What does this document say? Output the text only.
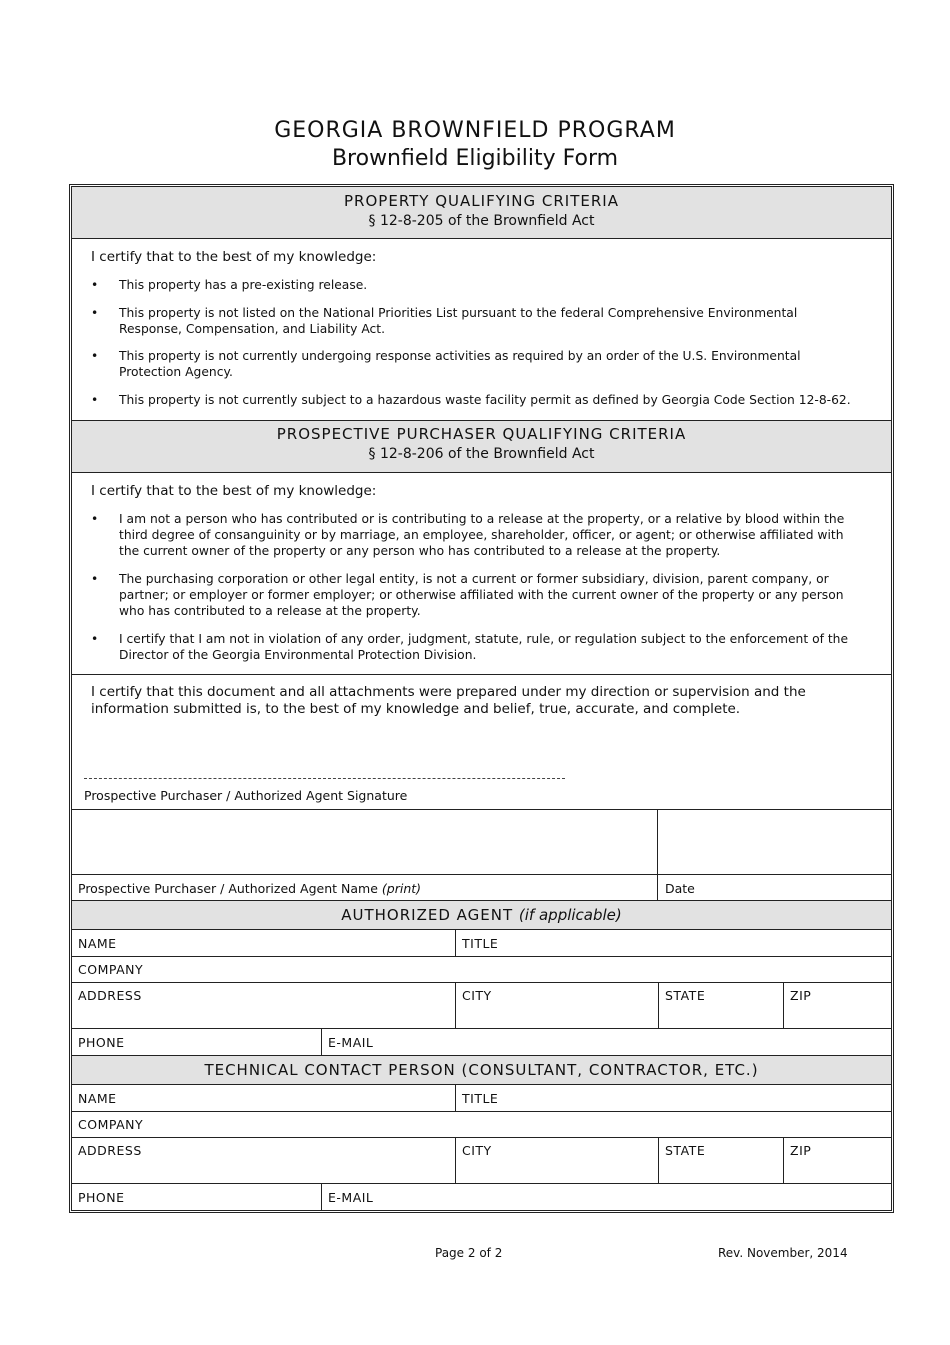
GEORGIA BROWNFIELD PROGRAM
Brownfield Eligibility Form
PROPERTY QUALIFYING CRITERIA
§ 12-8-205 of the Brownfield Act
I certify that to the best of my knowledge:
• This property has a pre-existing release.
• This property is not listed on the National Priorities List pursuant to the federal Comprehensive Environmental Response, Compensation, and Liability Act.
• This property is not currently undergoing response activities as required by an order of the U.S. Environmental Protection Agency.
• This property is not currently subject to a hazardous waste facility permit as defined by Georgia Code Section 12-8-62.
PROSPECTIVE PURCHASER QUALIFYING CRITERIA
§ 12-8-206 of the Brownfield Act
I certify that to the best of my knowledge:
• I am not a person who has contributed or is contributing to a release at the property, or a relative by blood within the third degree of consanguinity or by marriage, an employee, shareholder, officer, or agent; or otherwise affiliated with the current owner of the property or any person who has contributed to a release at the property.
• The purchasing corporation or other legal entity, is not a current or former subsidiary, division, parent company, or partner; or employer or former employer; or otherwise affiliated with the current owner of the property or any person who has contributed to a release at the property.
• I certify that I am not in violation of any order, judgment, statute, rule, or regulation subject to the enforcement of the Director of the Georgia Environmental Protection Division.
I certify that this document and all attachments were prepared under my direction or supervision and the information submitted is, to the best of my knowledge and belief, true, accurate, and complete.
Prospective Purchaser / Authorized Agent Signature
Prospective Purchaser / Authorized Agent Name (print)	Date
AUTHORIZED AGENT (if applicable)
NAME	TITLE
COMPANY
ADDRESS	CITY	STATE	ZIP
PHONE	E-MAIL
TECHNICAL CONTACT PERSON (CONSULTANT, CONTRACTOR, ETC.)
NAME	TITLE
COMPANY
ADDRESS	CITY	STATE	ZIP
PHONE	E-MAIL
Page 2 of 2	Rev. November, 2014
